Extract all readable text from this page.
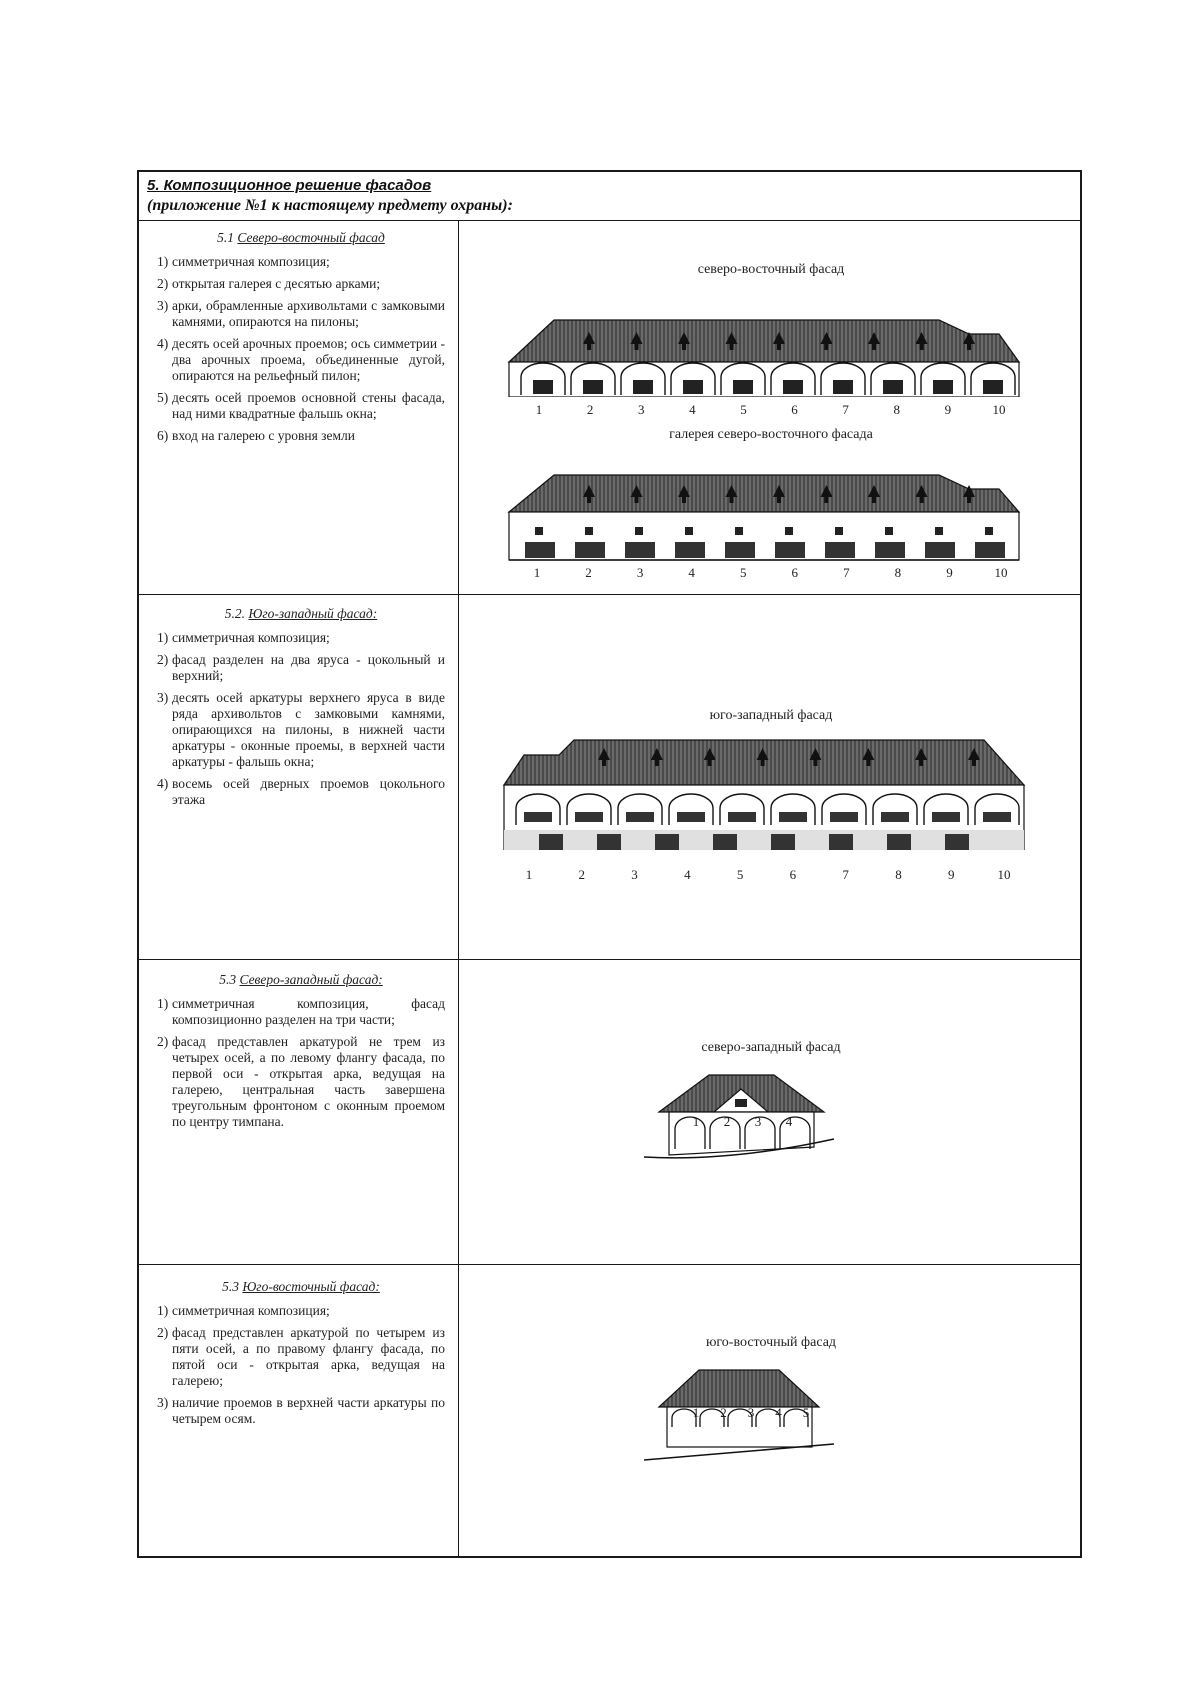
5. Композиционное решение фасадов
(приложение №1 к настоящему предмету охраны):

5.1 Северо-восточный фасад

1) симметричная композиция;
2) открытая галерея с десятью арками;
3) арки, обрамленные архивольтами с замковыми камнями, опираются на пилоны;
4) десять осей арочных проемов; ось симметрии - два арочных проема, объединенные дугой, опираются на рельефный пилон;
5) десять осей проемов основной стены фасада, над ними квадратные фальшь окна;
6) вход на галерею с уровня земли
северо-восточный фасад
1	2	3	4	5	6	7	8	9	10
галерея северо-восточного фасада
1	2	3	4	5	6	7	8	9	10

5.2. Юго-западный фасад:

1) симметричная композиция;
2) фасад разделен на два яруса - цокольный и верхний;
3) десять осей аркатуры верхнего яруса в виде ряда архивольтов с замковыми камнями, опирающихся на пилоны, в нижней части аркатуры - оконные проемы, в верхней части аркатуры - фальшь окна;
4) восемь осей дверных проемов цокольного этажа
юго-западный фасад
1	2	3	4	5	6	7	8	9	10

5.3 Северо-западный фасад:

1) симметричная композиция, фасад композиционно разделен на три части;
2) фасад представлен аркатурой не трем из четырех осей, а по левому флангу фасада, по первой оси - открытая арка, ведущая на галерею, центральная часть завершена треугольным фронтоном с оконным проемом по центру тимпана.
северо-западный фасад
1 2 3 4

5.3 Юго-восточный фасад:

1) симметричная композиция;
2) фасад представлен аркатурой по четырем из пяти осей, а по правому флангу фасада, по пятой оси - открытая арка, ведущая на галерею;
3) наличие проемов в верхней части аркатуры по четырем осям.
юго-восточный фасад
1 2 3 4 5
